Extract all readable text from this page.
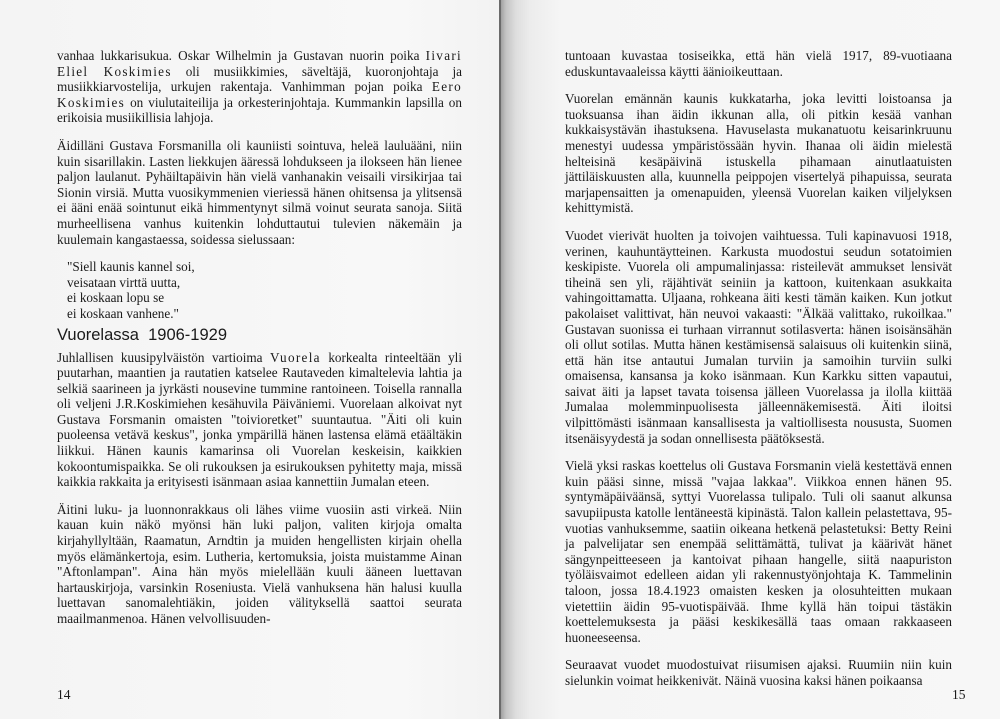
vanhaa lukkarisukua. Oskar Wilhelmin ja Gustavan nuorin poika Iivari Eliel Koskimies oli musiikkimies, säveltäjä, kuoronjohtaja ja musiikkiarvostelija, urkujen rakentaja. Vanhimman pojan poika Eero Koskimies on viulutaiteilija ja orkesterinjohtaja. Kummankin lapsilla on erikoisia musiikillisia lahjoja.

Äidilläni Gustava Forsmanilla oli kauniisti sointuva, heleä lauluääni, niin kuin sisarillakin. Lasten liekkujen ääressä lohdukseen ja ilokseen hän lienee paljon laulanut. Pyhäiltapäivin hän vielä vanhanakin veisaili virsikirjaa tai Sionin virsiä. Mutta vuosikymmenien vieriessä hänen ohitsensa ja ylitsensä ei ääni enää sointunut eikä himmentynyt silmä voinut seurata sanoja. Siitä murheellisena vanhus kuitenkin lohduttautui tulevien näkemäin ja kuulemain kangastaessa, soidessa sielussaan:

"Siell kaunis kannel soi,
veisataan virttä uutta,
ei koskaan lopu se
ei koskaan vanhene."
Vuorelassa  1906-1929

Juhlallisen kuusipylväistön vartioima Vuorela korkealta rinteeltään yli puutarhan, maantien ja rautatien katselee Rautaveden kimaltelevia lahtia ja selkiä saarineen ja jyrkästi nousevine tummine rantoineen. Toisella rannalla oli veljeni J.R.Koskimiehen kesähuvila Päiväniemi. Vuorelaan alkoivat nyt Gustava Forsmanin omaisten "toivioretket" suuntautua. "Äiti oli kuin puoleensa vetävä keskus", jonka ympärillä hänen lastensa elämä etäältäkin liikkui. Hänen kaunis kamarinsa oli Vuorelan keskeisin, kaikkien kokoontumispaikka. Se oli rukouksen ja esirukouksen pyhitetty maja, missä kaikkia rakkaita ja erityisesti isänmaan asiaa kannettiin Jumalan eteen.

Äitini luku- ja luonnonrakkaus oli lähes viime vuosiin asti virkeä. Niin kauan kuin näkö myönsi hän luki paljon, valiten kirjoja omalta kirjahyllyltään, Raamatun, Arndtin ja muiden hengellisten kirjain ohella myös elämänkertoja, esim. Lutheria, kertomuksia, joista muistamme Ainan "Aftonlampan". Aina hän myös mielellään kuuli ääneen luettavan hartauskirjoja, varsinkin Roseniusta. Vielä vanhuksena hän halusi kuulla luettavan sanomalehtiäkin, joiden välityksellä saattoi seurata maailmanmenoa. Hänen velvollisuuden-

14

tuntoaan kuvastaa tosiseikka, että hän vielä 1917, 89-vuotiaana eduskuntavaaleissa käytti äänioikeuttaan.

Vuorelan emännän kaunis kukkatarha, joka levitti loistoansa ja tuoksuansa ihan äidin ikkunan alla, oli pitkin kesää vanhan kukkaisystävän ihastuksena. Havuselasta mukanatuotu keisarinkruunu menestyi uudessa ympäristössään hyvin. Ihanaa oli äidin mielestä helteisinä kesäpäivinä istuskella pihamaan ainutlaatuisten jättiläiskuusten alla, kuunnella peippojen visertelyä pihapuissa, seurata marjapensaitten ja omenapuiden, yleensä Vuorelan kaiken viljelyksen kehittymistä.

Vuodet vierivät huolten ja toivojen vaihtuessa. Tuli kapinavuosi 1918, verinen, kauhuntäytteinen. Karkusta muodostui seudun sotatoimien keskipiste. Vuorela oli ampumalinjassa: risteilevät ammukset lensivät tiheinä sen yli, räjähtivät seiniin ja kattoon, kuitenkaan asukkaita vahingoittamatta. Uljaana, rohkeana äiti kesti tämän kaiken. Kun jotkut pakolaiset valittivat, hän neuvoi vakaasti: "Älkää valittako, rukoilkaa." Gustavan suonissa ei turhaan virrannut sotilasverta: hänen isoisänsähän oli ollut sotilas. Mutta hänen kestämisensä salaisuus oli kuitenkin siinä, että hän itse antautui Jumalan turviin ja samoihin turviin sulki omaisensa, kansansa ja koko isänmaan. Kun Karkku sitten vapautui, saivat äiti ja lapset tavata toisensa jälleen Vuorelassa ja ilolla kiittää Jumalaa molemminpuolisesta jälleennäkemisestä. Äiti iloitsi vilpittömästi isänmaan kansallisesta ja valtiollisesta noususta, Suomen itsenäisyydestä ja sodan onnellisesta päätöksestä.

Vielä yksi raskas koettelus oli Gustava Forsmanin vielä kestettävä ennen kuin pääsi sinne, missä "vajaa lakkaa". Viikkoa ennen hänen 95. syntymäpäiväänsä, syttyi Vuorelassa tulipalo. Tuli oli saanut alkunsa savupiipusta katolle lentäneestä kipinästä. Talon kallein pelastettava, 95-vuotias vanhuksemme, saatiin oikeana hetkenä pelastetuksi: Betty Reini ja palvelijatar sen enempää selittämättä, tulivat ja käärivät hänet sängynpeitteeseen ja kantoivat pihaan hangelle, siitä naapuriston työläisvaimot edelleen aidan yli rakennustyönjohtaja K. Tammelinin taloon, jossa 18.4.1923 omaisten kesken ja olosuhteitten mukaan vietettiin äidin 95-vuotispäivää. Ihme kyllä hän toipui tästäkin koettelemuksesta ja pääsi keskikesällä taas omaan rakkaaseen huoneeseensa.

Seuraavat vuodet muodostuivat riisumisen ajaksi. Ruumiin niin kuin sielunkin voimat heikkenivät. Näinä vuosina kaksi hänen poikaansa

15
